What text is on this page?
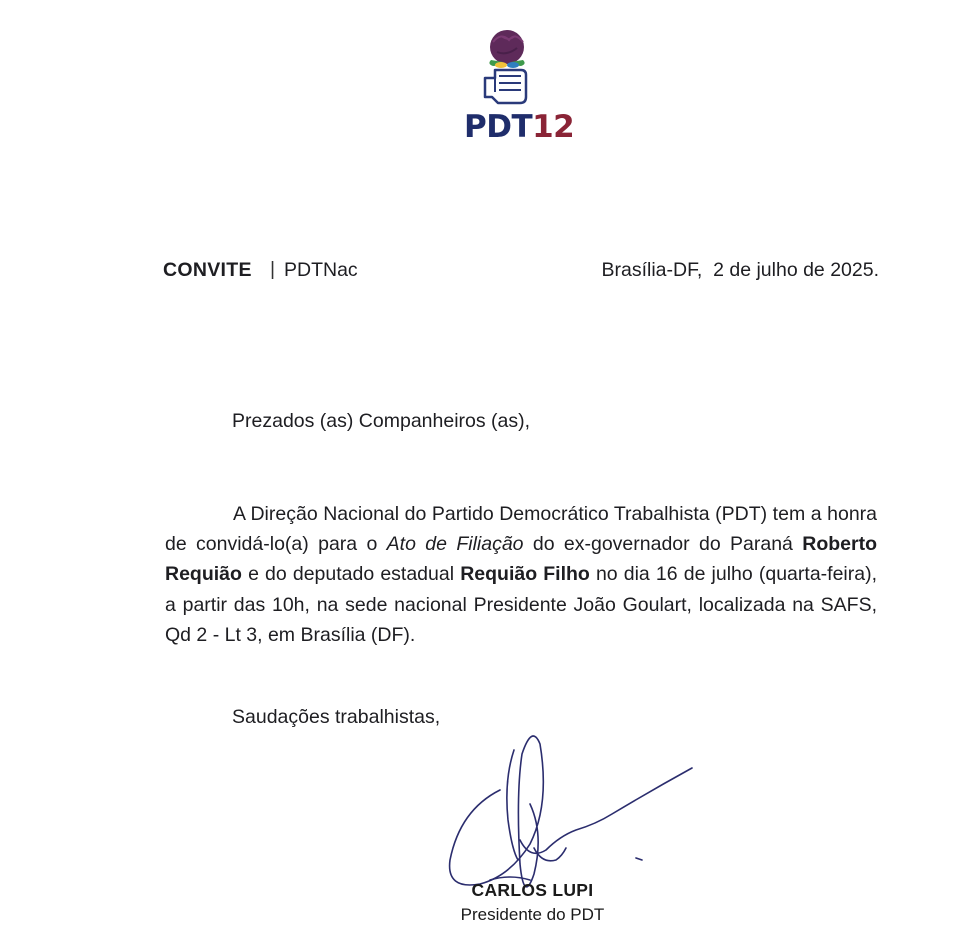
PDT12
CONVITE | PDTNac	Brasília-DF,  2 de julho de 2025.
Prezados (as) Companheiros (as),

A Direção Nacional do Partido Democrático Trabalhista (PDT) tem a honra de convidá-lo(a) para o Ato de Filiação do ex-governador do Paraná Roberto Requião e do deputado estadual Requião Filho no dia 16 de julho (quarta-feira), a partir das 10h, na sede nacional Presidente João Goulart, localizada na SAFS, Qd 2 - Lt 3, em Brasília (DF).

Saudações trabalhistas,
CARLOS LUPI
Presidente do PDT
